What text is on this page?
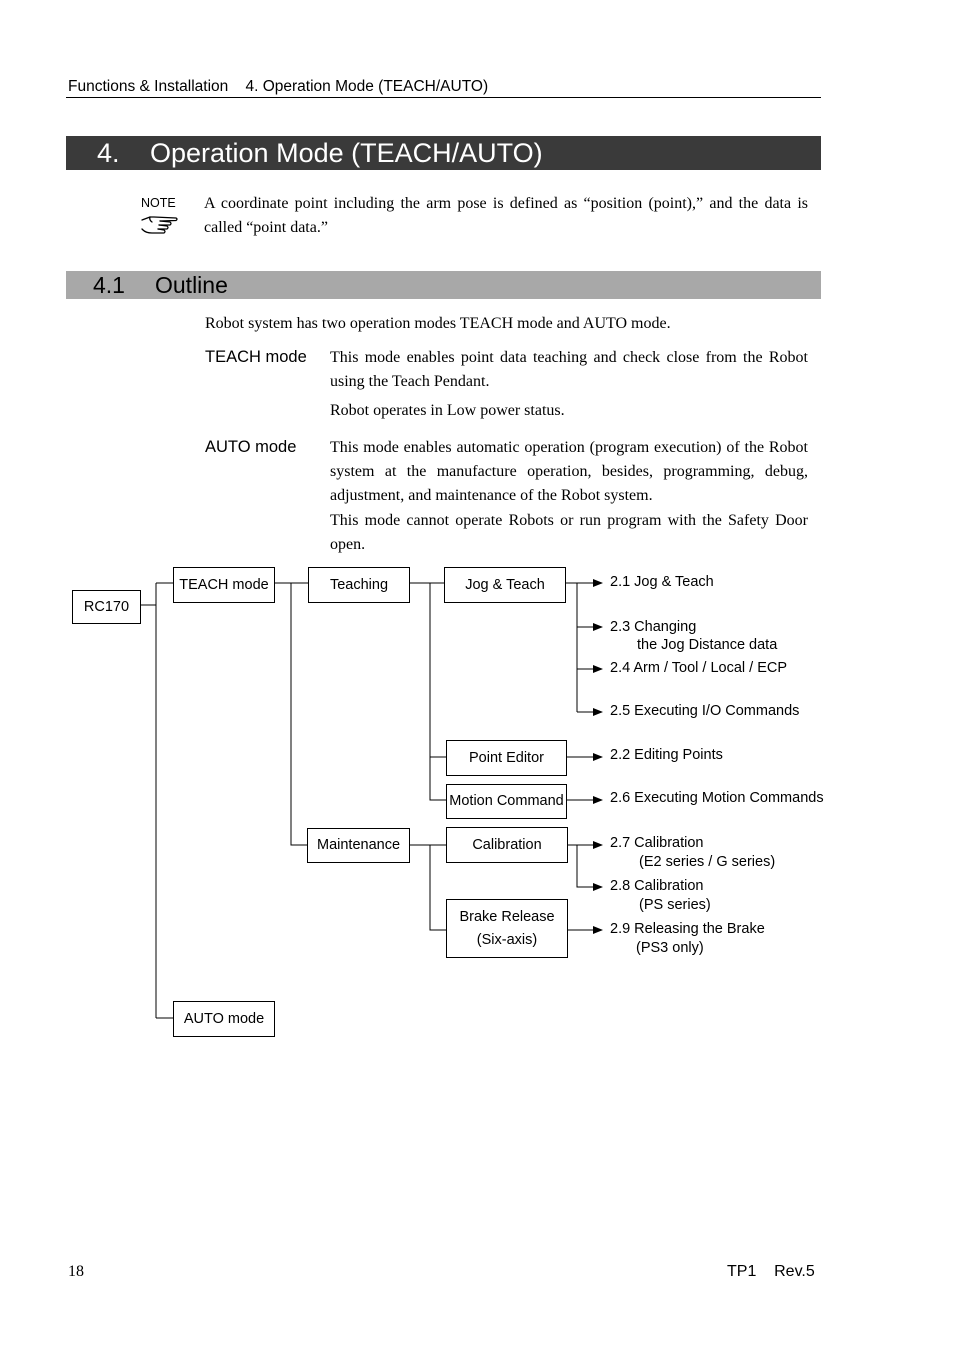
Functions & Installation    4. Operation Mode (TEACH/AUTO)
4. Operation Mode (TEACH/AUTO)
NOTE A coordinate point including the arm pose is defined as “position (point),” and the data is called “point data.”
4.1 Outline
Robot system has two operation modes TEACH mode and AUTO mode.
TEACH mode This mode enables point data teaching and check close from the Robot using the Teach Pendant.

Robot operates in Low power status.

AUTO mode This mode enables automatic operation (program execution) of the Robot system at the manufacture operation, besides, programming, debug, adjustment, and maintenance of the Robot system.

This mode cannot operate Robots or run program with the Safety Door open.

RC170
TEACH mode
AUTO mode
Teaching
Maintenance
Jog & Teach
Point Editor
Motion Command
Calibration
Brake Release
(Six-axis)
2.1 Jog & Teach
2.3 Changing
the Jog Distance data
2.4 Arm / Tool / Local / ECP
2.5 Executing I/O Commands
2.2 Editing Points
2.6 Executing Motion Commands
2.7 Calibration
(E2 series / G series)
2.8 Calibration
(PS series)
2.9 Releasing the Brake
(PS3 only)
18	TP1    Rev.5
